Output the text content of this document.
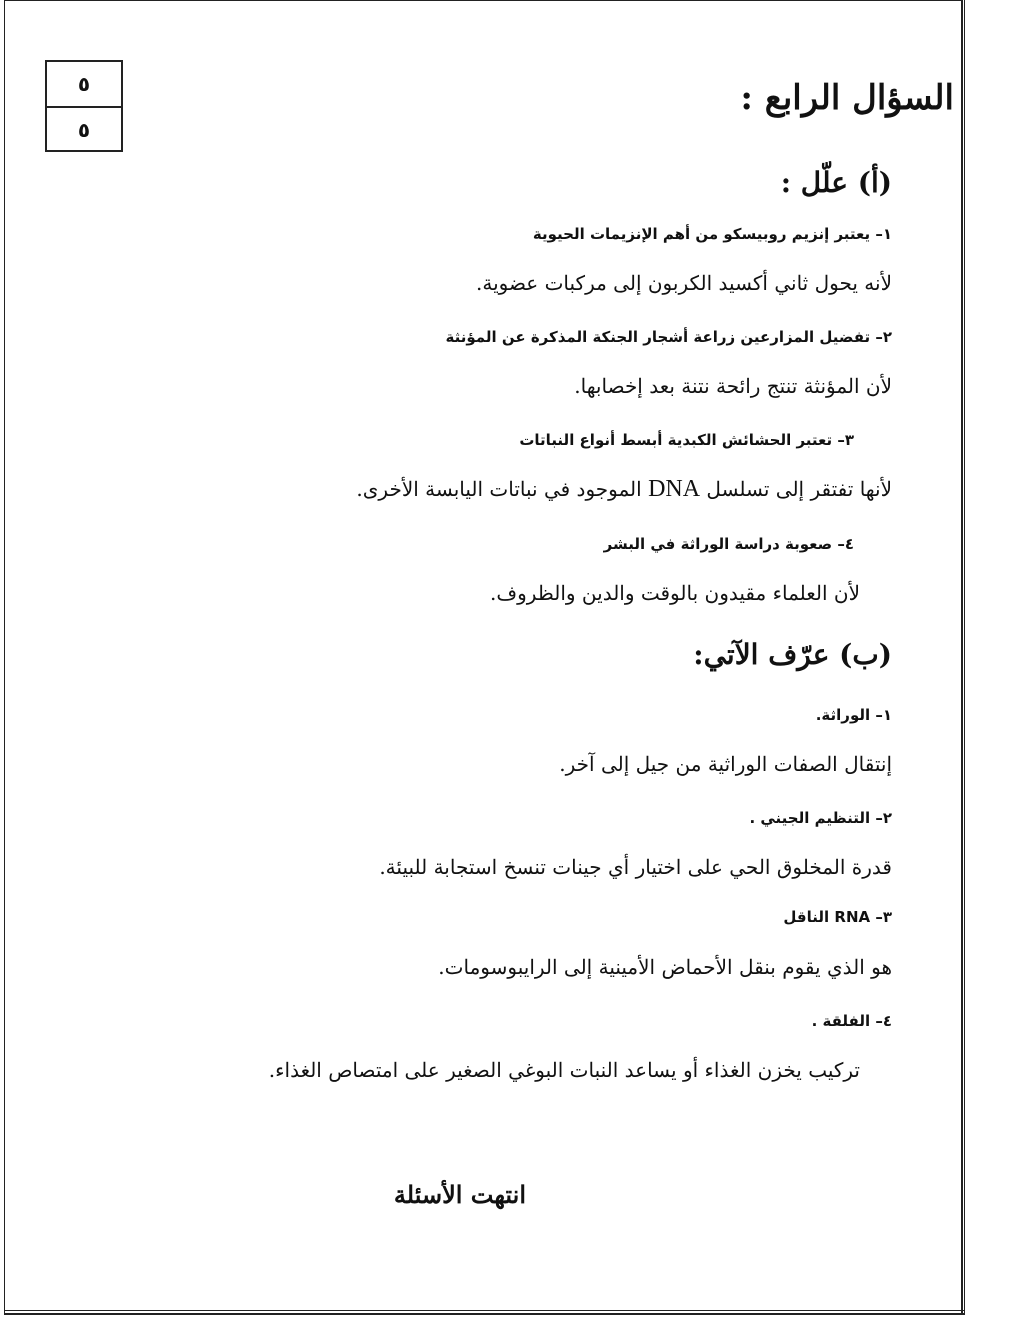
٥
٥
السؤال الرابع :
(أ) علّل :
١– يعتبر إنزيم روبيسكو من أهم الإنزيمات الحيوية
لأنه يحول ثاني أكسيد الكربون إلى مركبات عضوية.
٢– تفضيل المزارعين زراعة أشجار الجنكة المذكرة عن المؤنثة
لأن المؤنثة تنتج رائحة نتنة بعد إخصابها.
٣– تعتبر الحشائش الكبدية أبسط أنواع النباتات
لأنها تفتقر إلى تسلسل DNA الموجود في نباتات اليابسة الأخرى.
٤– صعوبة دراسة الوراثة في البشر
لأن العلماء مقيدون بالوقت والدين والظروف.
(ب) عرّف الآتي:
١– الوراثة.
إنتقال الصفات الوراثية من جيل إلى آخر.
٢– التنظيم الجيني .
قدرة المخلوق الحي على اختيار أي جينات تنسخ استجابة للبيئة.
٣– RNA الناقل
هو الذي يقوم بنقل الأحماض الأمينية إلى الرايبوسومات.
٤– الفلقة .
تركيب يخزن الغذاء أو يساعد النبات البوغي الصغير على امتصاص الغذاء.
انتهت الأسئلة
